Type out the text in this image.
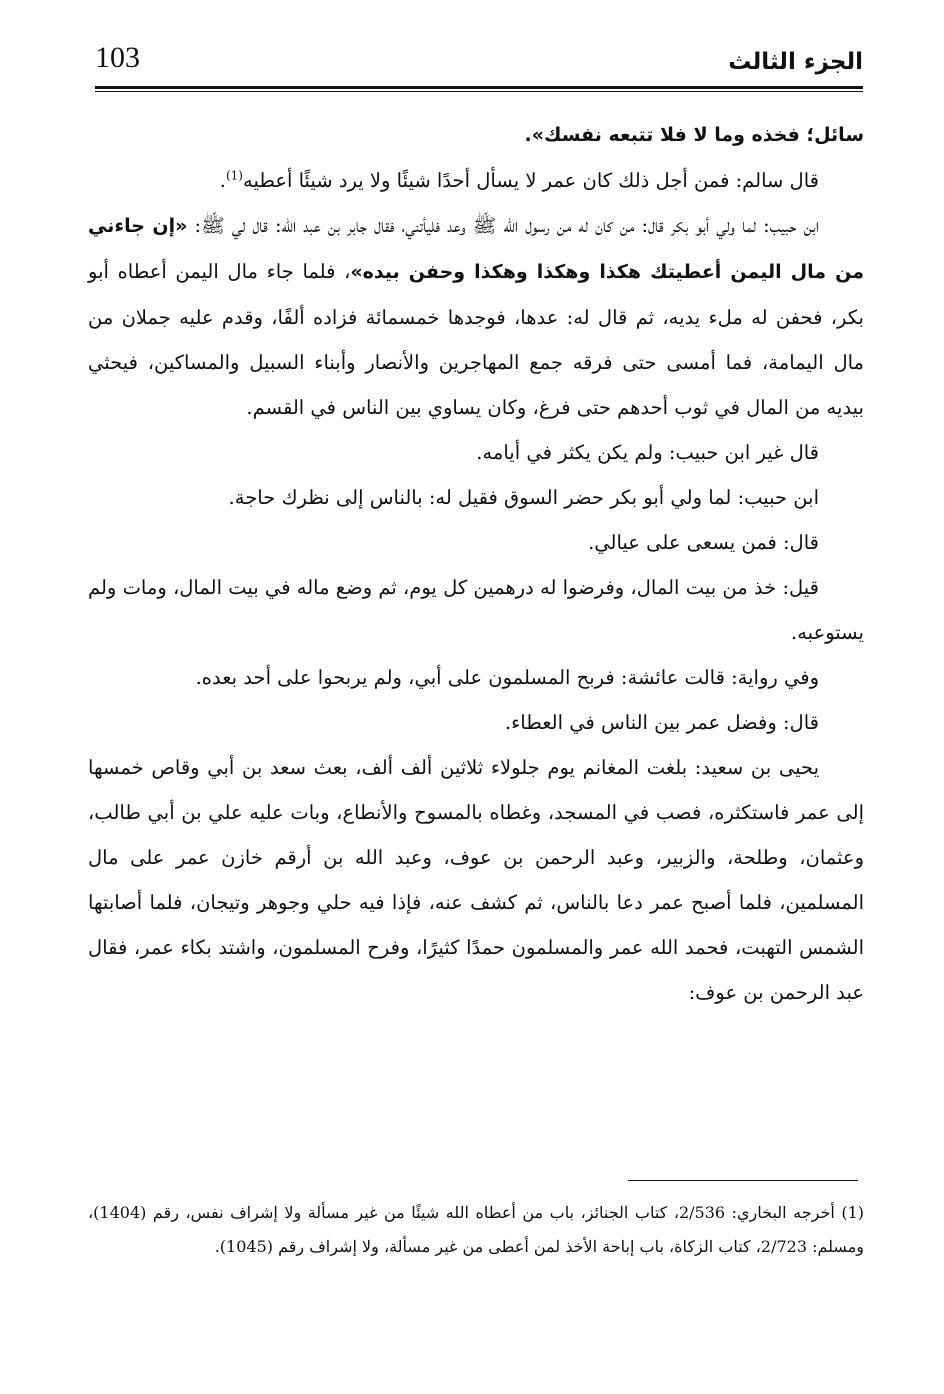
103	الجزء الثالث

سائل؛ فخذه وما لا فلا تتبعه نفسك».

قال سالم: فمن أجل ذلك كان عمر لا يسأل أحدًا شيئًا ولا يرد شيئًا أعطيه$^{(1)}$.

ابن حبيب: لما ولي أبو بكر قال: من كان له من رسول الله ﷺ وعد فليأتني، فقال جابر بن عبد الله: قال لي ﷺ: «إن جاءني من مال اليمن أعطيتك هكذا وهكذا وهكذا وحفن بيده»، فلما جاء مال اليمن أعطاه أبو بكر، فحفن له ملء يديه، ثم قال له: عدها، فوجدها خمسمائة فزاده ألفًا، وقدم عليه جملان من مال اليمامة، فما أمسى حتى فرقه جمع المهاجرين والأنصار وأبناء السبيل والمساكين، فيحثي بيديه من المال في ثوب أحدهم حتى فرغ، وكان يساوي بين الناس في القسم.

قال غير ابن حبيب: ولم يكن يكثر في أيامه.

ابن حبيب: لما ولي أبو بكر حضر السوق فقيل له: بالناس إلى نظرك حاجة.

قال: فمن يسعى على عيالي.

قيل: خذ من بيت المال، وفرضوا له درهمين كل يوم، ثم وضع ماله في بيت المال، ومات ولم يستوعبه.

وفي رواية: قالت عائشة: فربح المسلمون على أبي، ولم يربحوا على أحد بعده.

قال: وفضل عمر بين الناس في العطاء.

يحيى بن سعيد: بلغت المغانم يوم جلولاء ثلاثين ألف ألف، بعث سعد بن أبي وقاص خمسها إلى عمر فاستكثره، فصب في المسجد، وغطاه بالمسوح والأنطاع، وبات عليه علي بن أبي طالب، وعثمان، وطلحة، والزبير، وعبد الرحمن بن عوف، وعبد الله بن أرقم خازن عمر على مال المسلمين، فلما أصبح عمر دعا بالناس، ثم كشف عنه، فإذا فيه حلي وجوهر وتيجان، فلما أصابتها الشمس التهبت، فحمد الله عمر والمسلمون حمدًا كثيرًا، وفرح المسلمون، واشتد بكاء عمر، فقال عبد الرحمن بن عوف:

(1) أخرجه البخاري: 2/536، كتاب الجنائز، باب من أعطاه الله شيئًا من غير مسألة ولا إشراف نفس، رقم (1404)، ومسلم: 2/723، كتاب الزكاة، باب إباحة الأخذ لمن أعطى من غير مسألة، ولا إشراف رقم (1045).
